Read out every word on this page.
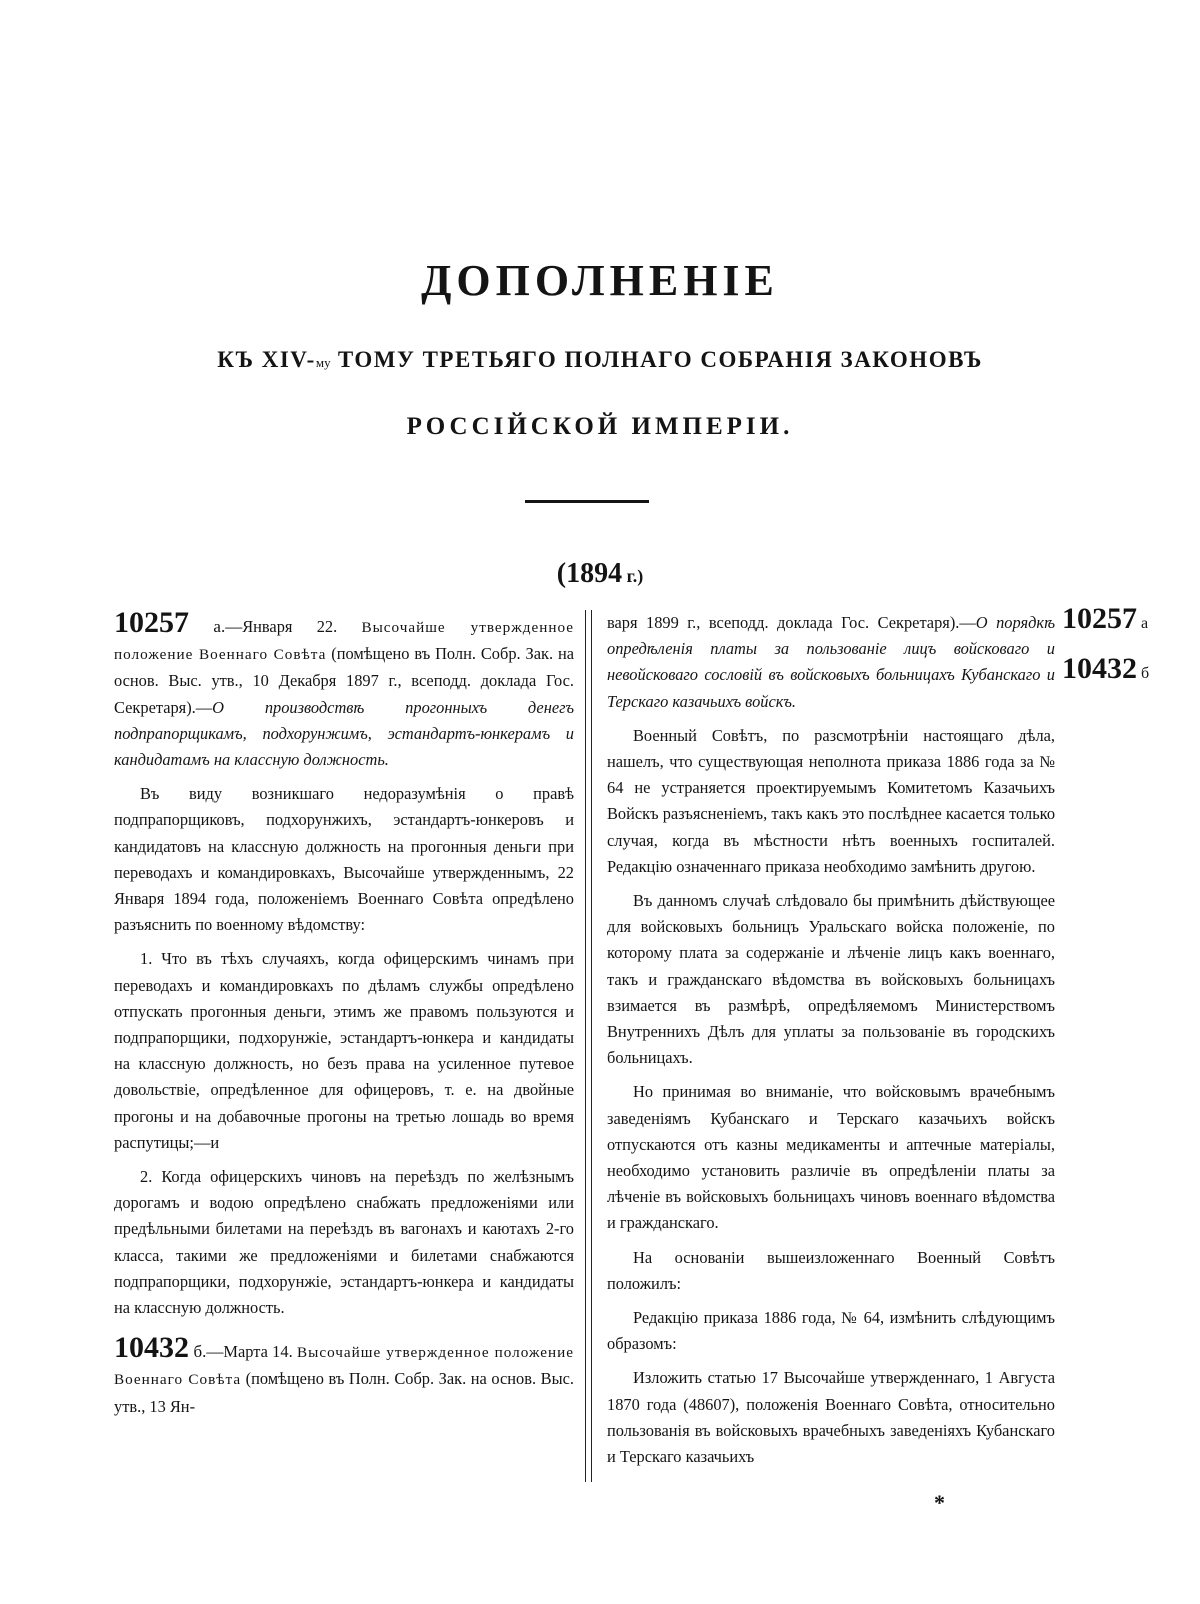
ДОПОЛНЕНІЕ
КЪ XIV-му ТОМУ ТРЕТЬЯГО ПОЛНАГО СОБРАНІЯ ЗАКОНОВЪ
РОССІЙСКОЙ ИМПЕРІИ.
(1894 г.)

10257 а.—Января 22. Высочайше утвержденное положение Военнаго Совѣта (помѣщено въ Полн. Собр. Зак. на основ. Выс. утв., 10 Декабря 1897 г., всеподд. доклада Гос. Секретаря).—О производствѣ прогонныхъ денегъ подпрапорщикамъ, подхорунжимъ, эстандартъ-юнкерамъ и кандидатамъ на классную должность.

Въ виду возникшаго недоразумѣнія о правѣ подпрапорщиковъ, подхорунжихъ, эстандартъ-юнкеровъ и кандидатовъ на классную должность на прогонныя деньги при переводахъ и командировкахъ, Высочайше утвержденнымъ, 22 Января 1894 года, положеніемъ Военнаго Совѣта опредѣлено разъяснить по военному вѣдомству:

1. Что въ тѣхъ случаяхъ, когда офицерскимъ чинамъ при переводахъ и командировкахъ по дѣламъ службы опредѣлено отпускать прогонныя деньги, этимъ же правомъ пользуются и подпрапорщики, подхорунжіе, эстандартъ-юнкера и кандидаты на классную должность, но безъ права на усиленное путевое довольствіе, опредѣленное для офицеровъ, т. е. на двойные прогоны и на добавочные прогоны на третью лошадь во время распутицы;—и

2. Когда офицерскихъ чиновъ на переѣздъ по желѣзнымъ дорогамъ и водою опредѣлено снабжать предложеніями или предѣльными билетами на переѣздъ въ вагонахъ и каютахъ 2-го класса, такими же предложеніями и билетами снабжаются подпрапорщики, подхорунжіе, эстандартъ-юнкера и кандидаты на классную должность.

10432 б.—Марта 14. Высочайше утвержденное положение Военнаго Совѣта (помѣщено въ Полн. Собр. Зак. на основ. Выс. утв., 13 Ян-

варя 1899 г., всеподд. доклада Гос. Секретаря).—О порядкѣ опредѣленія платы за пользованіе лицъ войсковаго и невойсковаго сословій въ войсковыхъ больницахъ Кубанскаго и Терскаго казачьихъ войскъ.

Военный Совѣтъ, по разсмотрѣніи настоящаго дѣла, нашелъ, что существующая неполнота приказа 1886 года за № 64 не устраняется проектируемымъ Комитетомъ Казачьихъ Войскъ разъясненіемъ, такъ какъ это послѣднее касается только случая, когда въ мѣстности нѣтъ военныхъ госпиталей. Редакцію означеннаго приказа необходимо замѣнить другою.

Въ данномъ случаѣ слѣдовало бы примѣнить дѣйствующее для войсковыхъ больницъ Уральскаго войска положеніе, по которому плата за содержаніе и лѣченіе лицъ какъ военнаго, такъ и гражданскаго вѣдомства въ войсковыхъ больницахъ взимается въ размѣрѣ, опредѣляемомъ Министерствомъ Внутреннихъ Дѣлъ для уплаты за пользованіе въ городскихъ больницахъ.

Но принимая во вниманіе, что войсковымъ врачебнымъ заведеніямъ Кубанскаго и Терскаго казачьихъ войскъ отпускаются отъ казны медикаменты и аптечные матеріалы, необходимо установить различіе въ опредѣленіи платы за лѣченіе въ войсковыхъ больницахъ чиновъ военнаго вѣдомства и гражданскаго.

На основаніи вышеизложеннаго Военный Совѣтъ положилъ:

Редакцію приказа 1886 года, № 64, измѣнить слѣдующимъ образомъ:

Изложить статью 17 Высочайше утвержденнаго, 1 Августа 1870 года (48607), положенія Военнаго Совѣта, относительно пользованія въ войсковыхъ врачебныхъ заведеніяхъ Кубанскаго и Терскаго казачьихъ

10257 а
10432 б
*
